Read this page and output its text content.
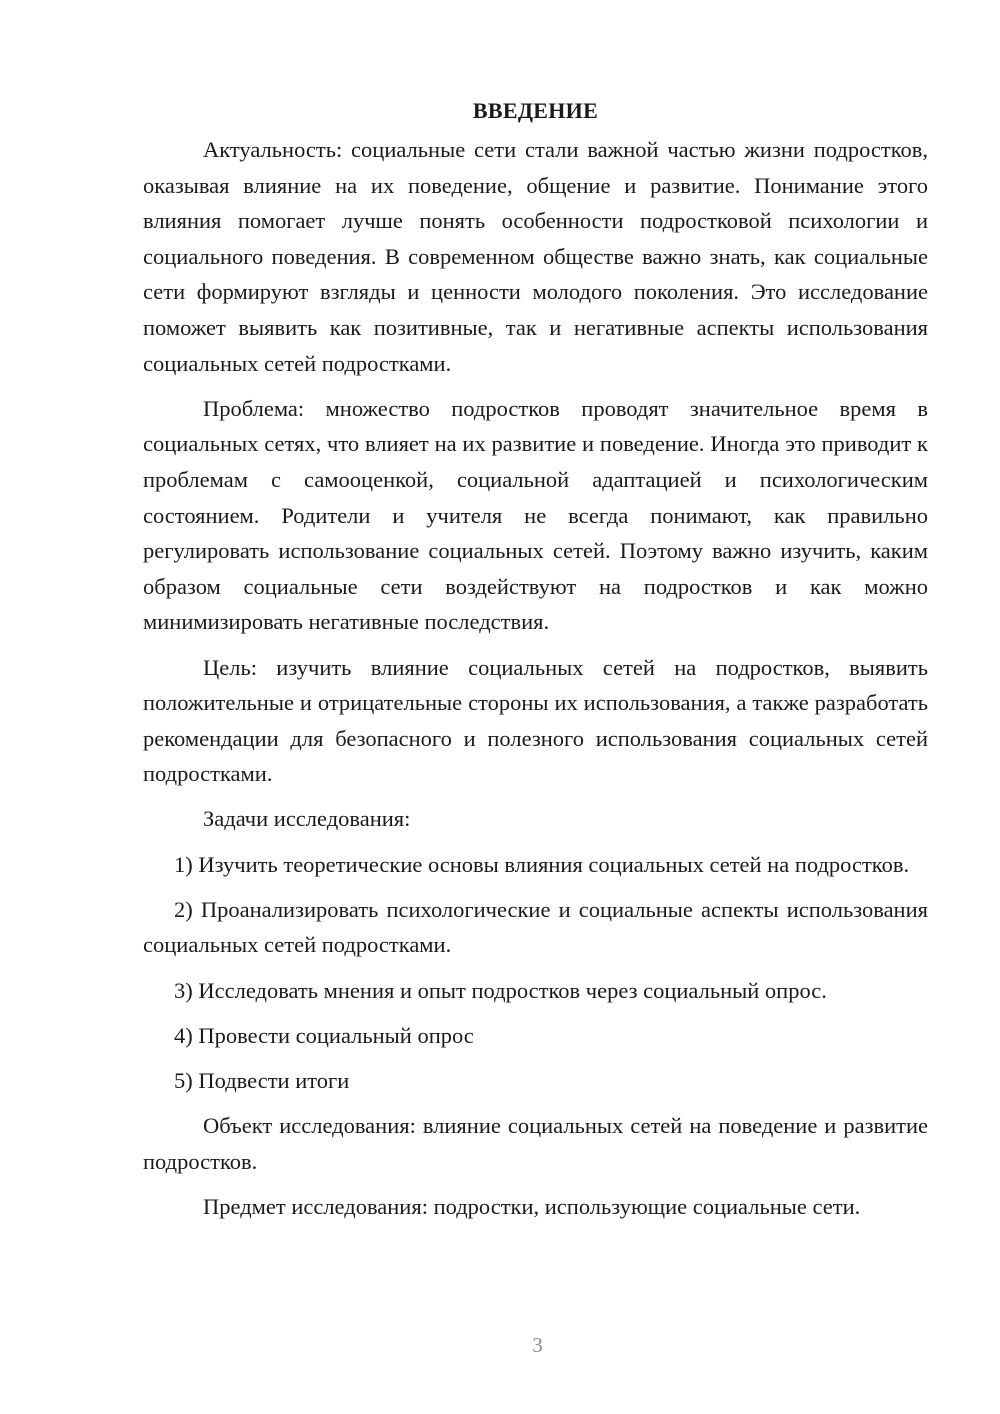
ВВЕДЕНИЕ

Актуальность: социальные сети стали важной частью жизни подростков, оказывая влияние на их поведение, общение и развитие. Понимание этого влияния помогает лучше понять особенности подростковой психологии и социального поведения. В современном обществе важно знать, как социальные сети формируют взгляды и ценности молодого поколения. Это исследование поможет выявить как позитивные, так и негативные аспекты использования социальных сетей подростками.

Проблема: множество подростков проводят значительное время в социальных сетях, что влияет на их развитие и поведение. Иногда это приводит к проблемам с самооценкой, социальной адаптацией и психологическим состоянием. Родители и учителя не всегда понимают, как правильно регулировать использование социальных сетей. Поэтому важно изучить, каким образом социальные сети воздействуют на подростков и как можно минимизировать негативные последствия.

Цель: изучить влияние социальных сетей на подростков, выявить положительные и отрицательные стороны их использования, а также разработать рекомендации для безопасного и полезного использования социальных сетей подростками.

Задачи исследования:

1) Изучить теоретические основы влияния социальных сетей на подростков.

2) Проанализировать психологические и социальные аспекты использования социальных сетей подростками.

3) Исследовать мнения и опыт подростков через социальный опрос.

4) Провести социальный опрос

5) Подвести итоги

Объект исследования: влияние социальных сетей на поведение и развитие подростков.

Предмет исследования: подростки, использующие социальные сети.

3
